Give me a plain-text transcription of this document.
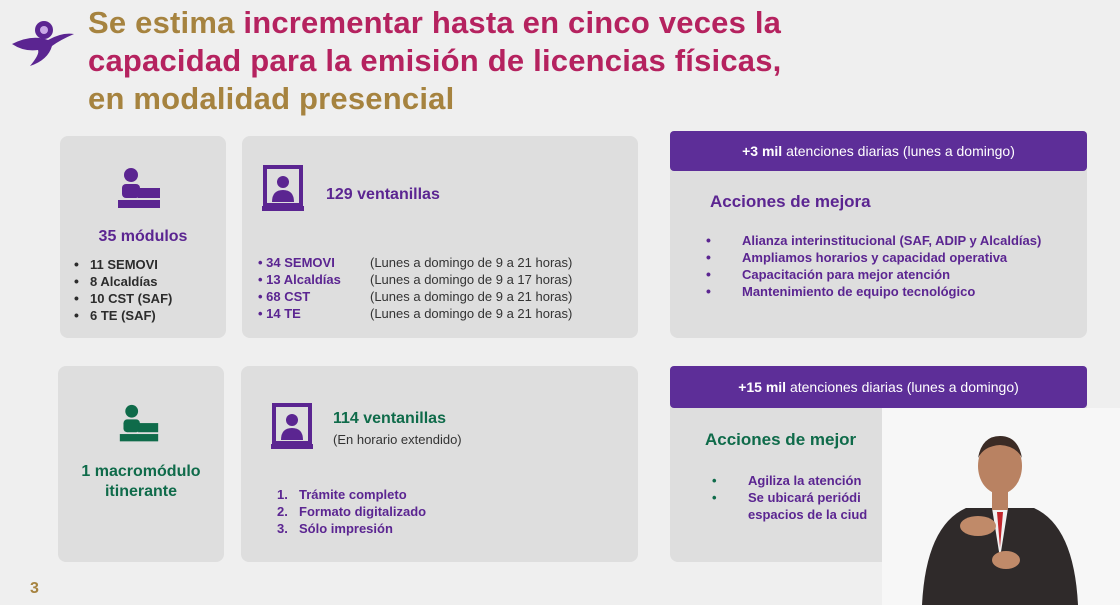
Se estima incrementar hasta en cinco veces la
capacidad para la emisión de licencias físicas,
en modalidad presencial
35 módulos
• 11 SEMOVI
• 8 Alcaldías
• 10 CST (SAF)
• 6 TE (SAF)
129 ventanillas
• 34 SEMOVI	(Lunes a domingo de 9 a 21 horas)
• 13 Alcaldías (Lunes a domingo de 9 a 17 horas)
• 68 CST	(Lunes a domingo de 9 a 21 horas)
• 14 TE	(Lunes a domingo de 9 a 21 horas)
Acciones de mejora
• Alianza interinstitucional (SAF, ADIP y Alcaldías)
• Ampliamos horarios y capacidad operativa
• Capacitación para mejor atención
• Mantenimiento de equipo tecnológico
+3 mil atenciones diarias (lunes a domingo)
1 macromódulo
itinerante
114 ventanillas
(En horario extendido)
1. Trámite completo
2. Formato digitalizado
3. Sólo impresión
Acciones de mejor
• Agiliza la atención
• Se ubicará periódi
espacios de la ciud
+15 mil atenciones diarias (lunes a domingo)
3
